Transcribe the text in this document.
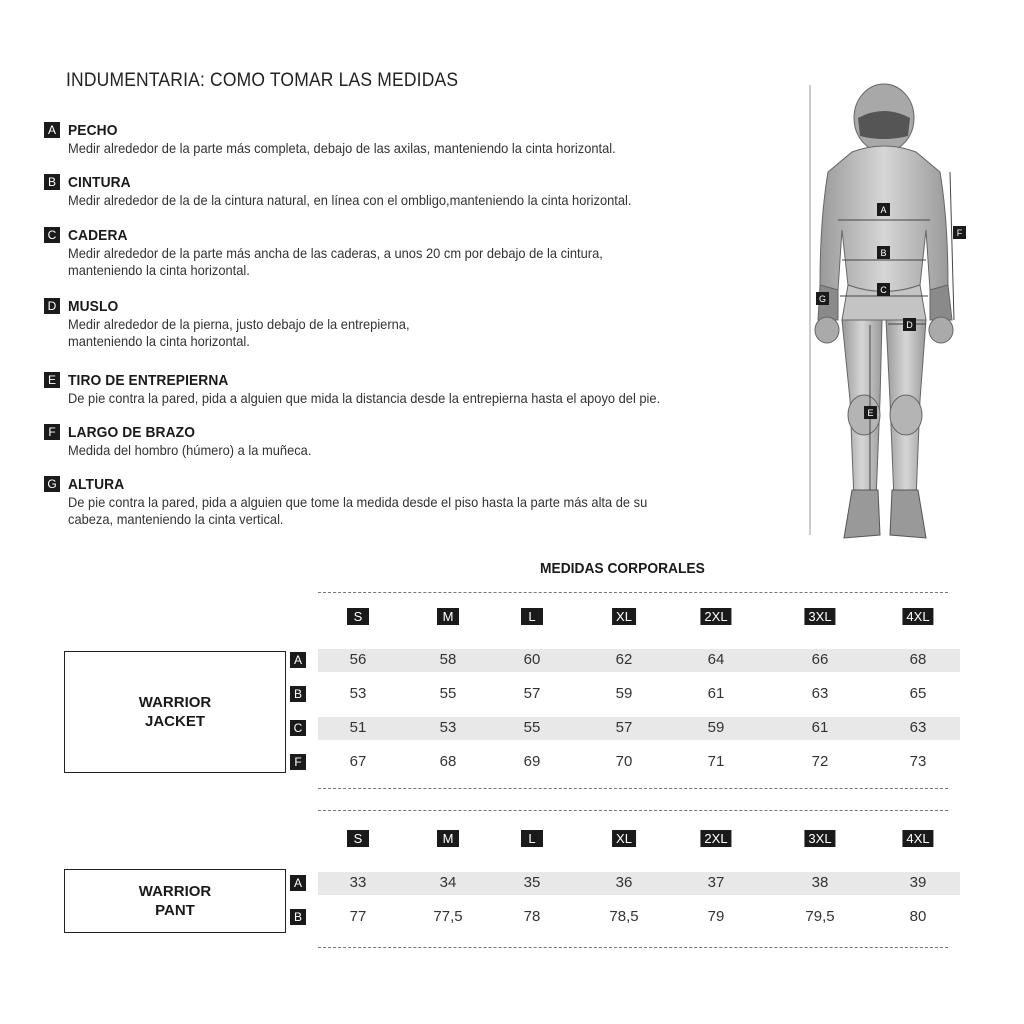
INDUMENTARIA: COMO TOMAR LAS MEDIDAS
A PECHO
Medir alrededor de la parte más completa, debajo de las axilas, manteniendo la cinta horizontal.
B CINTURA
Medir alrededor de la de la cintura natural, en línea con el ombligo,manteniendo la cinta horizontal.
C CADERA
Medir alrededor de la parte más ancha de las caderas, a unos 20 cm por debajo de la cintura,
manteniendo la cinta horizontal.
D MUSLO
Medir alrededor de la pierna, justo debajo de la entrepierna,
manteniendo la cinta horizontal.
E TIRO DE ENTREPIERNA
De pie contra la pared, pida a alguien que mida la distancia desde la entrepierna hasta el apoyo del pie.
F LARGO DE BRAZO
Medida del hombro (húmero) a la muñeca.
G ALTURA
De pie contra la pared, pida a alguien que tome la medida desde el piso hasta la parte más alta de su
cabeza, manteniendo la cinta vertical.
A
B
C
D
E
F
G
MEDIDAS CORPORALES
S	M	L	XL	2XL	3XL	4XL
WARRIOR
JACKET
A	56	58	60	62	64	66	68
B	53	55	57	59	61	63	65
C	51	53	55	57	59	61	63
F	67	68	69	70	71	72	73
S	M	L	XL	2XL	3XL	4XL
WARRIOR
PANT
A	33	34	35	36	37	38	39
B	77	77,5	78	78,5	79	79,5	80
